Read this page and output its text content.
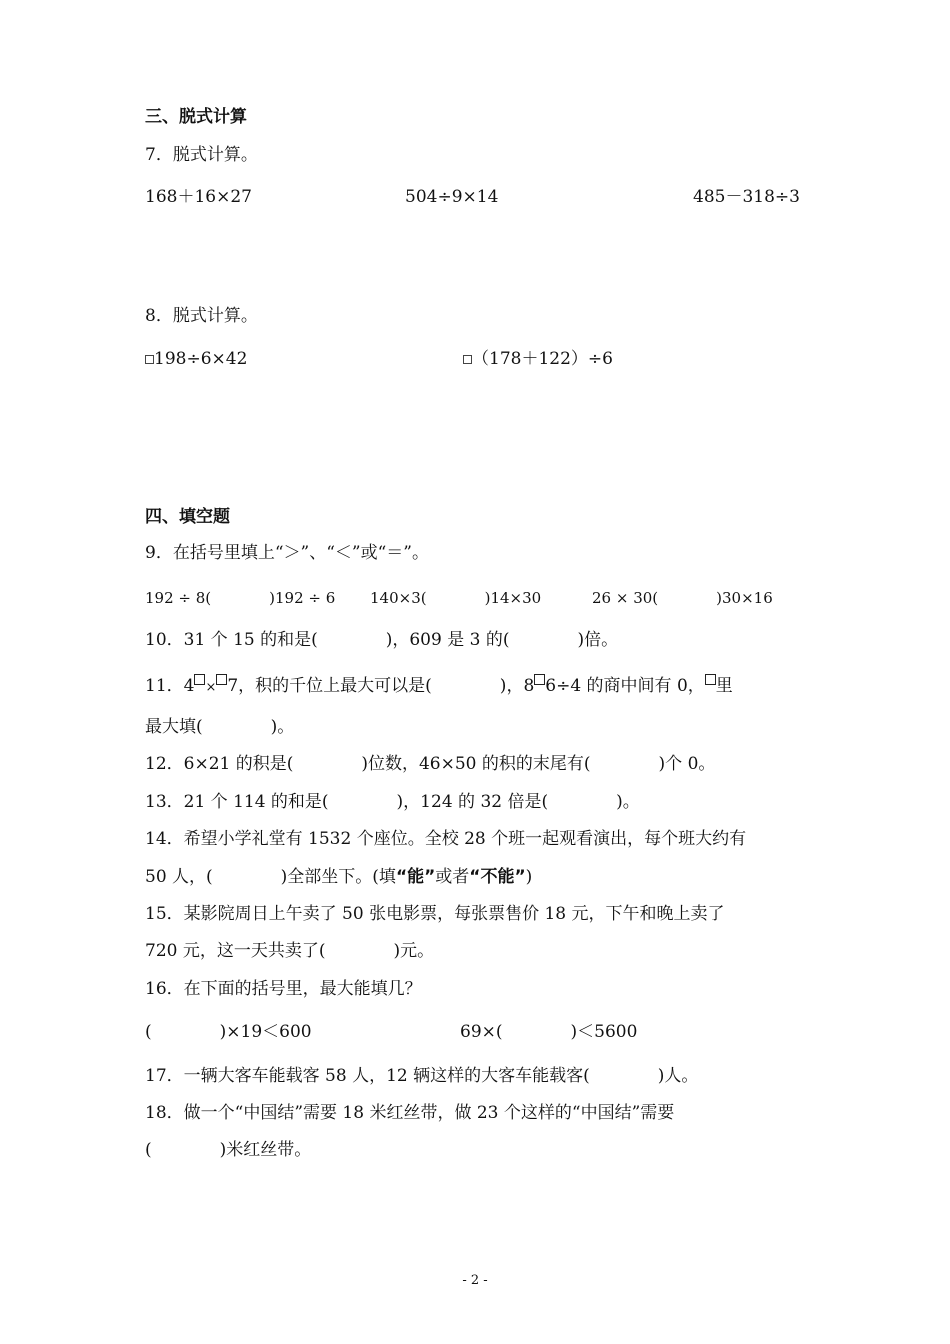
三、脱式计算
7．脱式计算。
168＋16×27	504÷9×14	485－318÷3
8．脱式计算。
198÷6×42	（178＋122）÷6
四、填空题
9．在括号里填上“＞”、“＜”或“＝”。
192 ÷ 8(	)192 ÷ 6 140×3(	)14×30	26 × 30(	)30×16
10．31 个 15 的和是(　　　　)，609 是 3 的(　　　　)倍。
11．4 × 7，积的千位上最大可以是(　　　　)，8 6÷4 的商中间有 0， 里
最大填(　　　　)。
12．6×21 的积是(　　　　)位数，46×50 的积的末尾有(　　　　)个 0。
13．21 个 114 的和是(　　　　)，124 的 32 倍是(　　　　)。
14．希望小学礼堂有 1532 个座位。全校 28 个班一起观看演出，每个班大约有
50 人，(　　　　)全部坐下。(填“能”或者“不能”)
15．某影院周日上午卖了 50 张电影票，每张票售价 18 元，下午和晚上卖了
720 元，这一天共卖了(　　　　)元。
16．在下面的括号里，最大能填几？
(　　　　)×19＜600	69×(　　　　)＜5600
17．一辆大客车能载客 58 人，12 辆这样的大客车能载客(　　　　)人。
18．做一个“中国结”需要 18 米红丝带，做 23 个这样的“中国结”需要
(　　　　)米红丝带。
- 2 -
